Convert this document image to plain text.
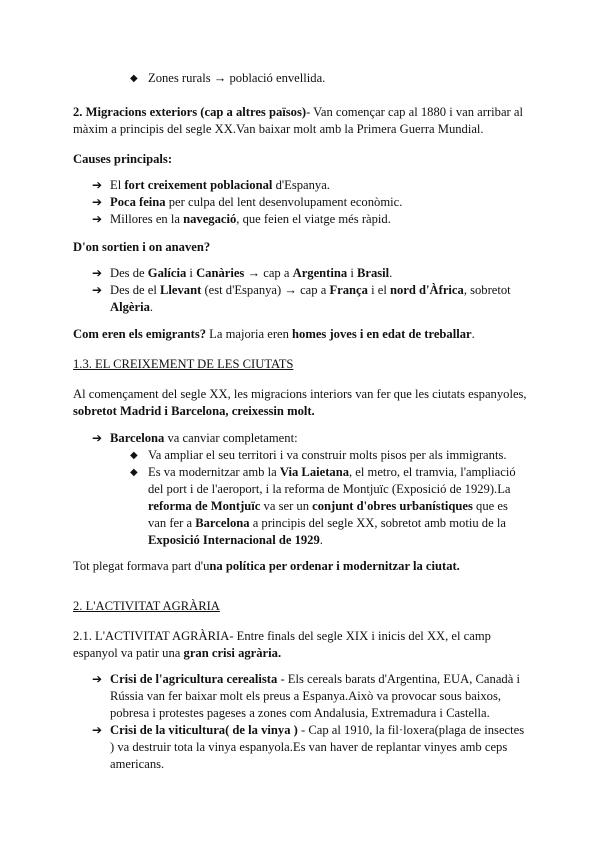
◆ Zones rurals → població envellida.

2. Migracions exteriors (cap a altres països)- Van començar cap al 1880 i van arribar al màxim a principis del segle XX.Van baixar molt amb la Primera Guerra Mundial.

Causes principals:

➔ El fort creixement poblacional d'Espanya.
➔ Poca feina per culpa del lent desenvolupament econòmic.
➔ Millores en la navegació, que feien el viatge més ràpid.

D'on sortien i on anaven?

➔ Des de Galícia i Canàries → cap a Argentina i Brasil.
➔ Des de el Llevant (est d'Espanya) → cap a França i el nord d'Àfrica, sobretot Algèria.

Com eren els emigrants? La majoria eren homes joves i en edat de treballar.

1.3. EL CREIXEMENT DE LES CIUTATS

Al començament del segle XX, les migracions interiors van fer que les ciutats espanyoles, sobretot Madrid i Barcelona, creixessin molt.

➔ Barcelona va canviar completament:
◆ Va ampliar el seu territori i va construir molts pisos per als immigrants.
◆ Es va modernitzar amb la Via Laietana, el metro, el tramvia, l'ampliació del port i de l'aeroport, i la reforma de Montjuïc (Exposició de 1929).La reforma de Montjuïc va ser un conjunt d'obres urbanístiques que es van fer a Barcelona a principis del segle XX, sobretot amb motiu de la Exposició Internacional de 1929.

Tot plegat formava part d'una política per ordenar i modernitzar la ciutat.

2. L'ACTIVITAT AGRÀRIA

2.1. L'ACTIVITAT AGRÀRIA- Entre finals del segle XIX i inicis del XX, el camp espanyol va patir una gran crisi agrària.

➔ Crisi de l'agricultura cerealista - Els cereals barats d'Argentina, EUA, Canadà i Rússia van fer baixar molt els preus a Espanya.Això va provocar sous baixos, pobresa i protestes pageses a zones com Andalusia, Extremadura i Castella.
➔ Crisi de la viticultura( de la vinya ) - Cap al 1910, la fil·loxera(plaga de insectes ) va destruir tota la vinya espanyola.Es van haver de replantar vinyes amb ceps americans.
